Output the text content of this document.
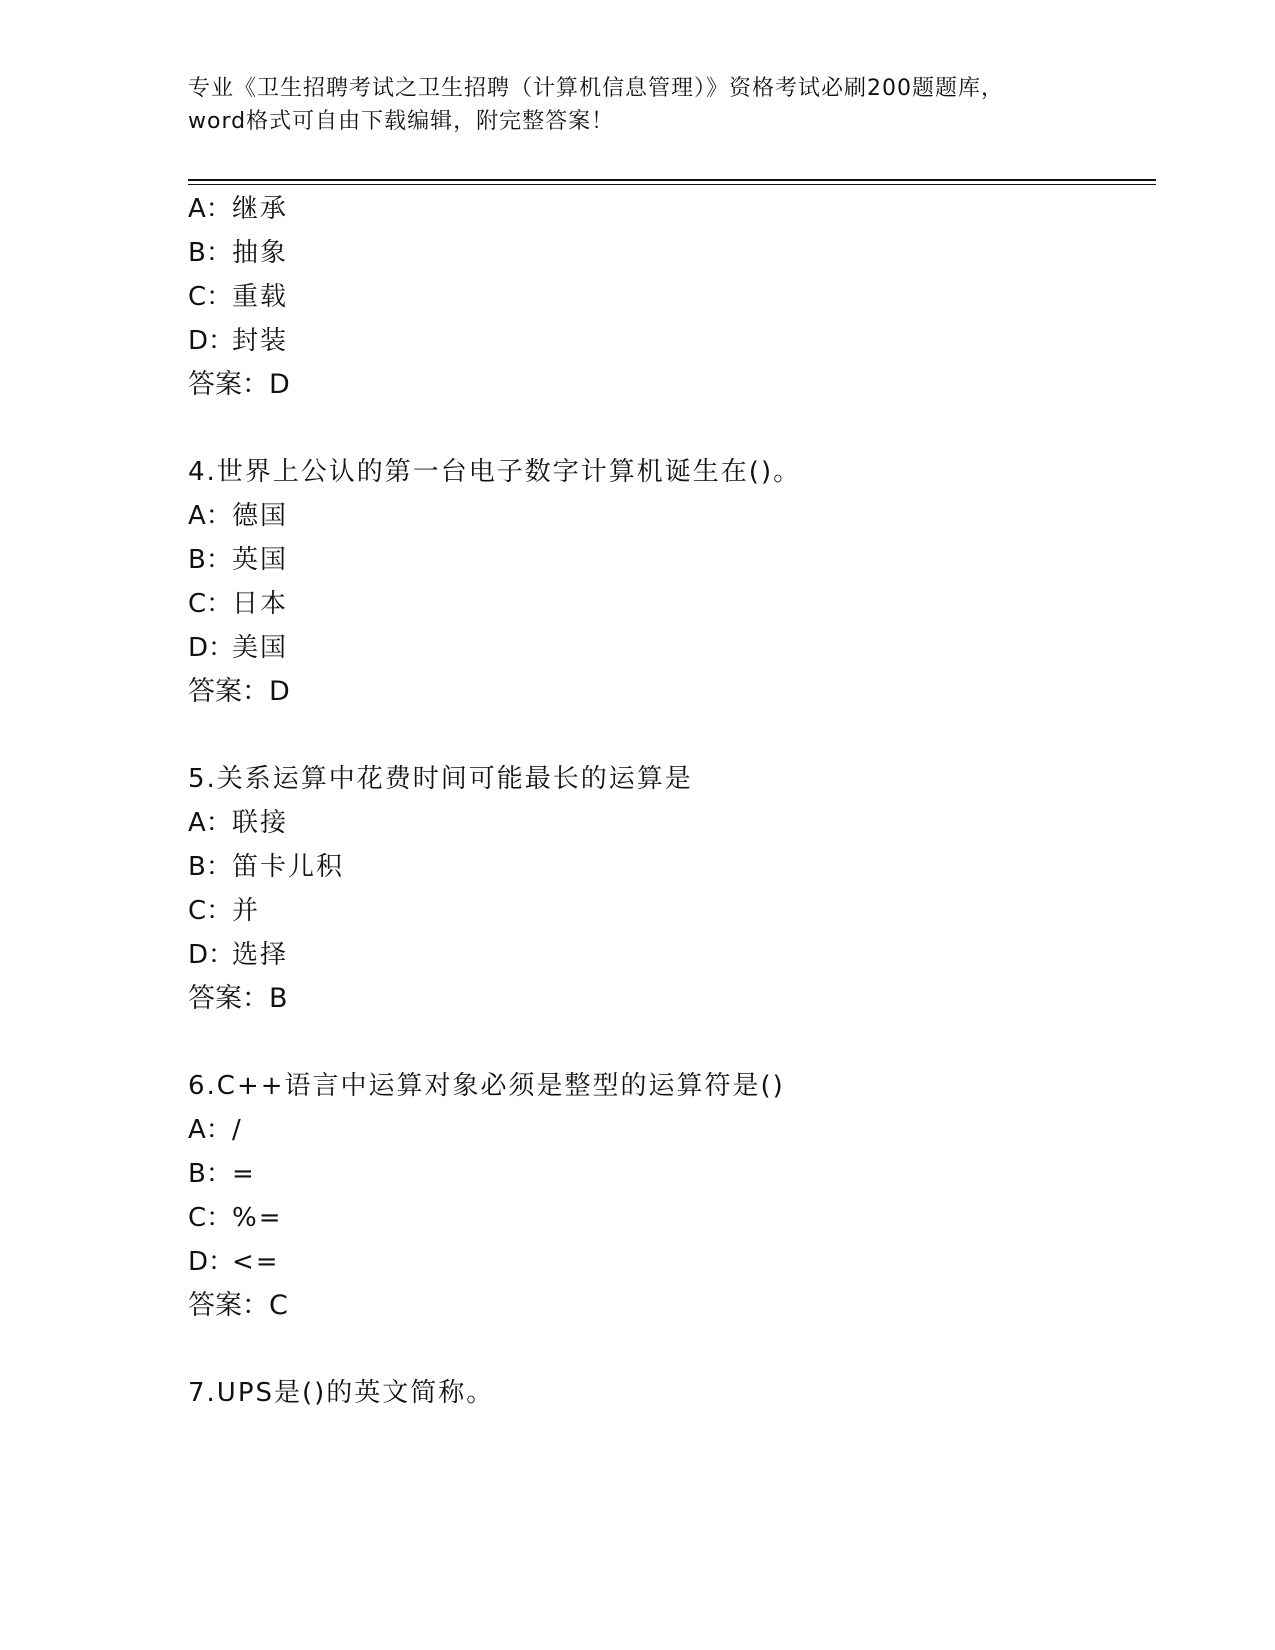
专业《卫生招聘考试之卫生招聘（计算机信息管理）》资格考试必刷200题题库，
word格式可自由下载编辑，附完整答案！
A：继承
B：抽象
C：重载
D：封装
答案：D
4.世界上公认的第一台电子数字计算机诞生在()。
A：德国
B：英国
C：日本
D：美国
答案：D
5.关系运算中花费时间可能最长的运算是
A：联接
B：笛卡儿积
C：并
D：选择
答案：B
6.C++语言中运算对象必须是整型的运算符是()
A：/
B：=
C：%=
D：<=
答案：C
7.UPS是()的英文简称。
